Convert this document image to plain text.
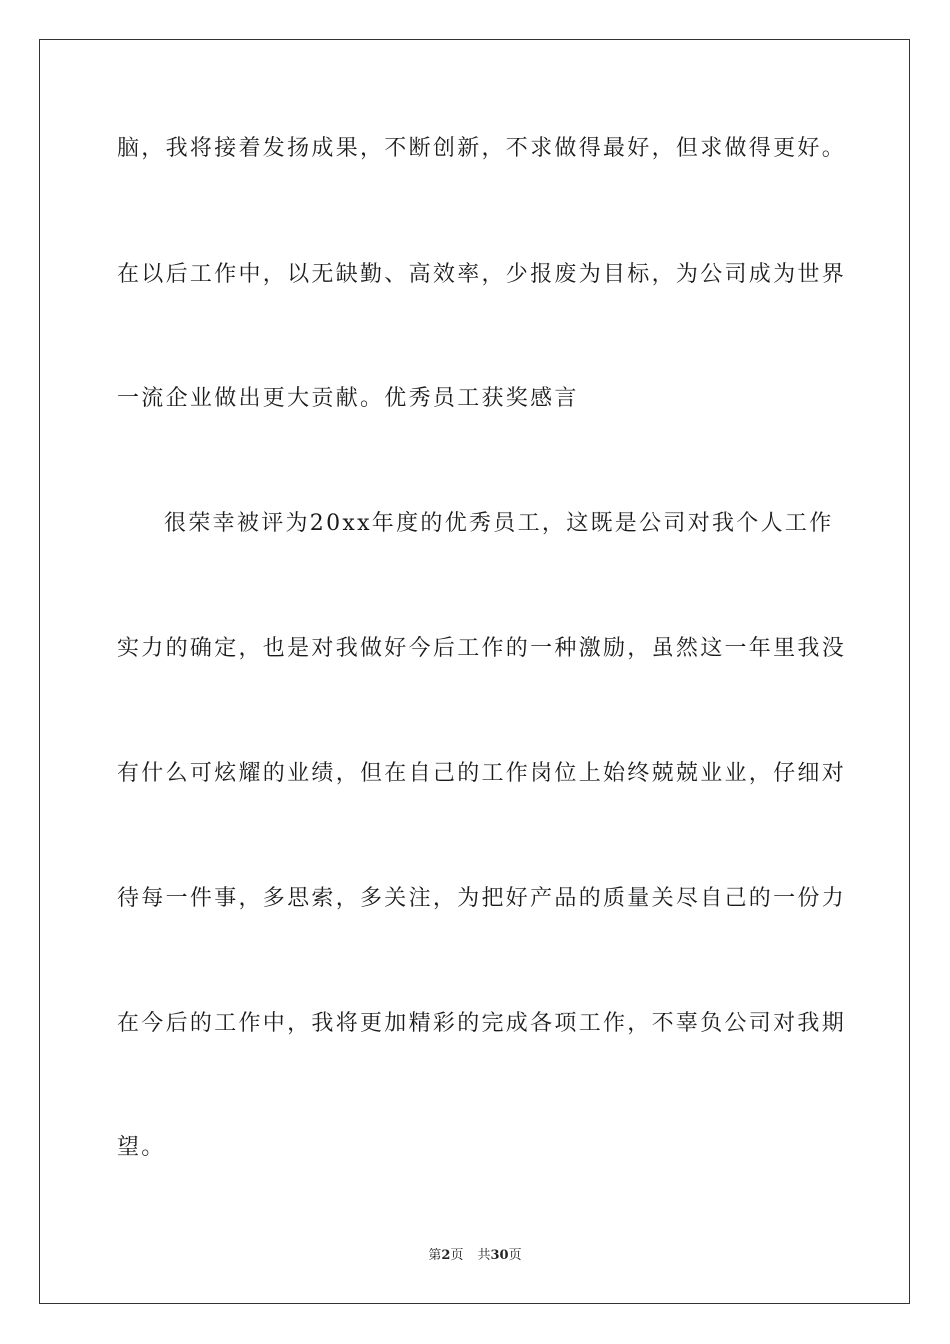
脑，我将接着发扬成果，不断创新，不求做得最好，但求做得更好。
在以后工作中，以无缺勤、高效率，少报废为目标，为公司成为世界
一流企业做出更大贡献。优秀员工获奖感言
很荣幸被评为20xx年度的优秀员工，这既是公司对我个人工作
实力的确定，也是对我做好今后工作的一种激励，虽然这一年里我没
有什么可炫耀的业绩，但在自己的工作岗位上始终兢兢业业，仔细对
待每一件事，多思索，多关注，为把好产品的质量关尽自己的一份力
在今后的工作中，我将更加精彩的完成各项工作，不辜负公司对我期
望。
第2页 共30页
